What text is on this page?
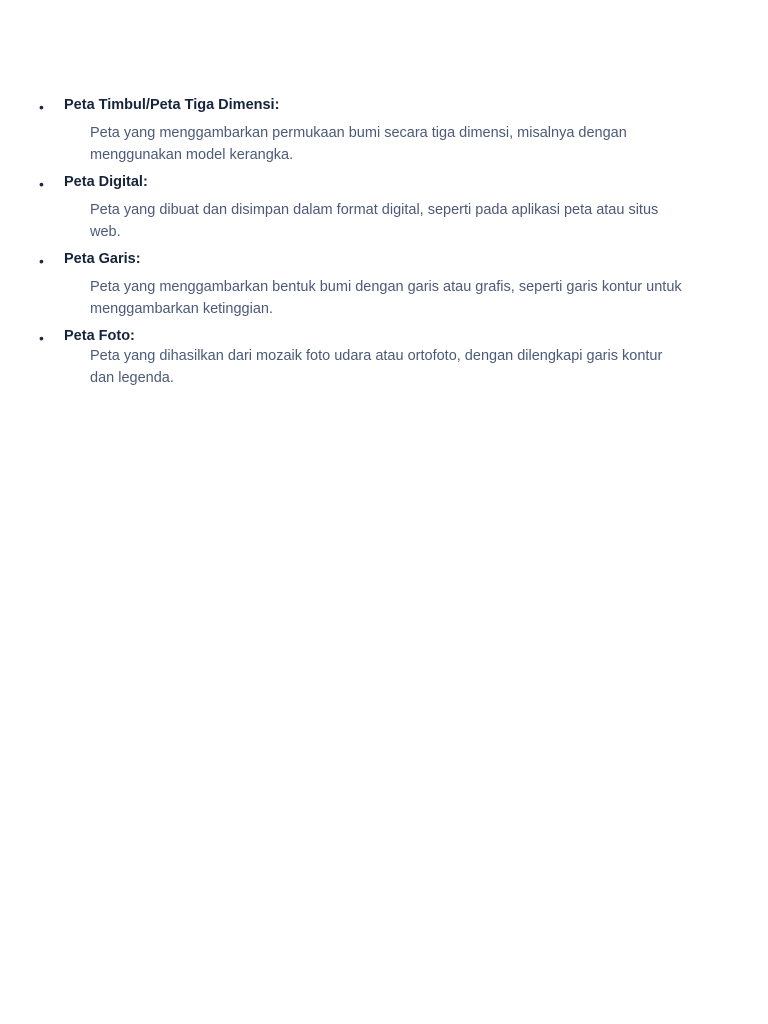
• Peta Timbul/Peta Tiga Dimensi:
Peta yang menggambarkan permukaan bumi secara tiga dimensi, misalnya dengan menggunakan model kerangka.
• Peta Digital:
Peta yang dibuat dan disimpan dalam format digital, seperti pada aplikasi peta atau situs web.
• Peta Garis:
Peta yang menggambarkan bentuk bumi dengan garis atau grafis, seperti garis kontur untuk menggambarkan ketinggian.
• Peta Foto:
Peta yang dihasilkan dari mozaik foto udara atau ortofoto, dengan dilengkapi garis kontur dan legenda.
